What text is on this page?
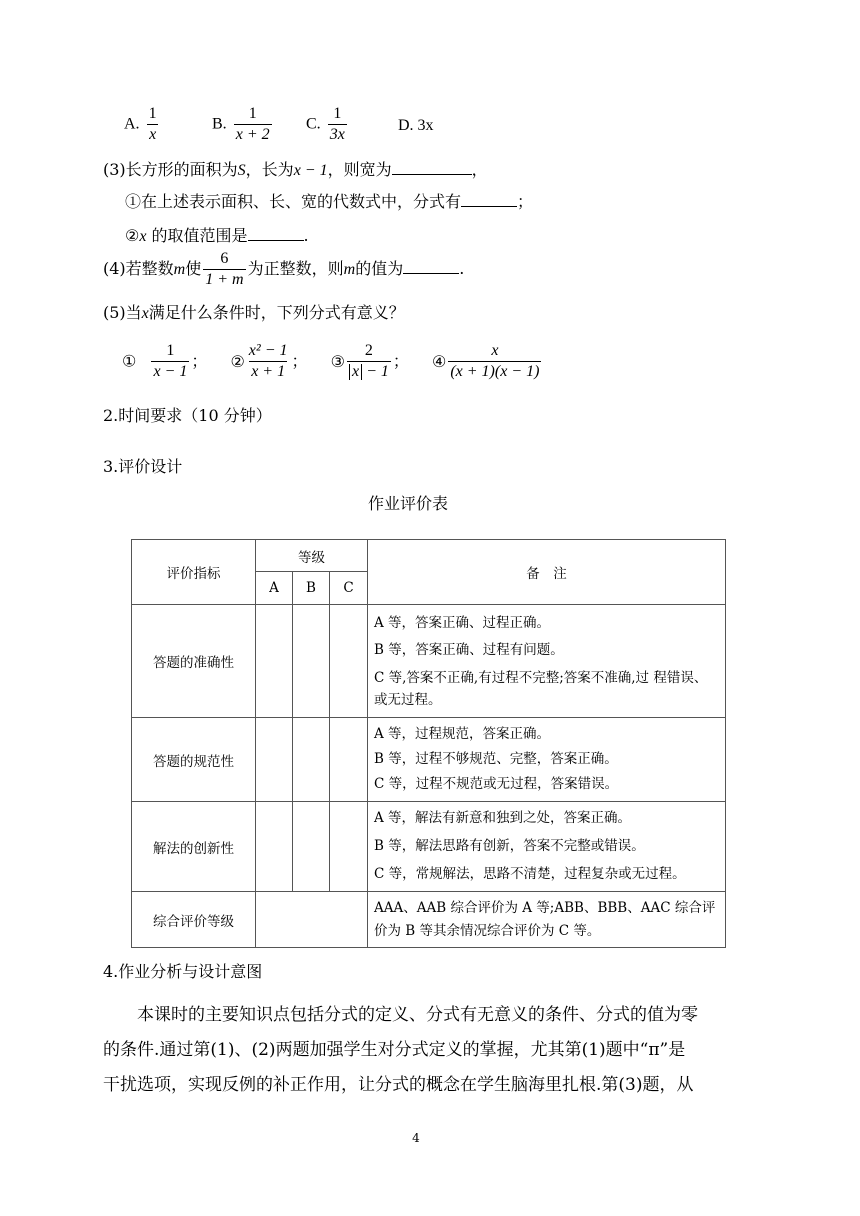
A. $\frac{1}{x}$	B. $\frac{1}{x + 2} C$. $\frac{1}{3x}$	D. 3x
(3)长方形的面积为S，长为x − 1，则宽为	，
①在上述表示面积、长、宽的代数式中，分式有	；
②x 的取值范围是	.
(4)若整数m使 $\frac{6}{1 + m}$ 为正整数，则m的值为	.
(5)当x满足什么条件时，下列分式有意义？
① $\frac{1}{x - 1}$ ； ② $\frac{\text{x² − 1}}{x + 1}$ ； ③ $\frac{2}{x - 1}$ ； ④ $\frac{x}{(x + 1)(x - 1)}$
2.时间要求（10 分钟）
3.评价设计
作业评价表
评价指标	等级			备　注
	A	B	C	
答题的准确性				A 等，答案正确、过程正确。

B 等，答案正确、过程有问题。

C 等,答案不正确,有过程不完整;答案不准确,过 程错误、或无过程。

答题的规范性				A 等，过程规范，答案正确。

B 等，过程不够规范、完整，答案正确。

C 等，过程不规范或无过程，答案错误。

解法的创新性				A 等，解法有新意和独到之处，答案正确。

B 等，解法思路有创新，答案不完整或错误。

C 等，常规解法，思路不清楚，过程复杂或无过程。

综合评价等级				AAA、AAB 综合评价为 A 等;ABB、BBB、AAC 综合评 价为 B 等其余情况综合评价为 C 等。
4.作业分析与设计意图
　　本课时的主要知识点包括分式的定义、分式有无意义的条件、分式的值为零
的条件.通过第(1)、(2)两题加强学生对分式定义的掌握，尤其第(1)题中“π”是
干扰选项，实现反例的补正作用，让分式的概念在学生脑海里扎根.第(3)题，从
4
